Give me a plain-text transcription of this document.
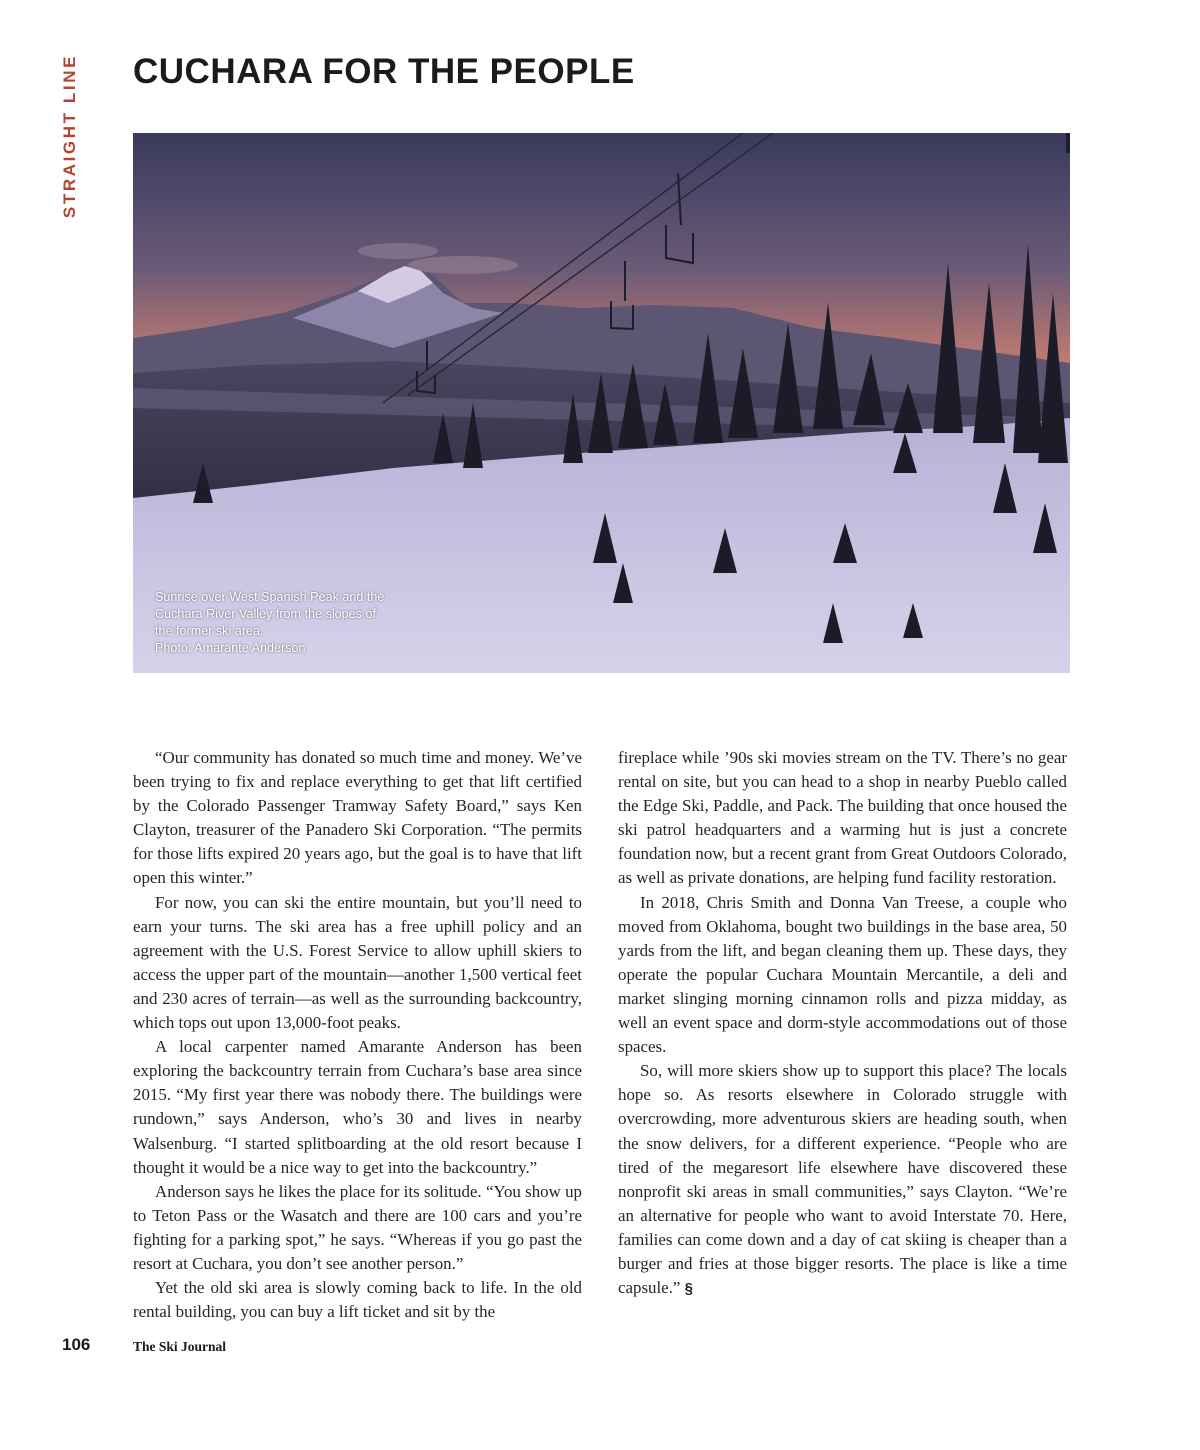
STRAIGHT LINE CUCHARA FOR THE PEOPLE
Sunrise over West Spanish Peak and the
Cuchara River Valley from the slopes of
the former ski area.
Photo: Amarante Anderson

“Our community has donated so much time and money. We’ve been trying to fix and replace everything to get that lift certified by the Colorado Passenger Tramway Safety Board,” says Ken Clayton, treasurer of the Panadero Ski Corporation. “The permits for those lifts expired 20 years ago, but the goal is to have that lift open this winter.”

For now, you can ski the entire mountain, but you’ll need to earn your turns. The ski area has a free uphill policy and an agreement with the U.S. Forest Service to allow uphill skiers to access the upper part of the mountain—another 1,500 vertical feet and 230 acres of terrain—as well as the surrounding backcountry, which tops out upon 13,000-foot peaks.

A local carpenter named Amarante Anderson has been exploring the backcountry terrain from Cuchara’s base area since 2015. “My first year there was nobody there. The buildings were rundown,” says Anderson, who’s 30 and lives in nearby Walsenburg. “I started splitboarding at the old resort because I thought it would be a nice way to get into the backcountry.”

Anderson says he likes the place for its solitude. “You show up to Teton Pass or the Wasatch and there are 100 cars and you’re fighting for a parking spot,” he says. “Whereas if you go past the resort at Cuchara, you don’t see another person.”

Yet the old ski area is slowly coming back to life. In the old rental building, you can buy a lift ticket and sit by the

fireplace while ’90s ski movies stream on the TV. There’s no gear rental on site, but you can head to a shop in nearby Pueblo called the Edge Ski, Paddle, and Pack. The building that once housed the ski patrol headquarters and a warming hut is just a concrete foundation now, but a recent grant from Great Outdoors Colorado, as well as private donations, are helping fund facility restoration.

In 2018, Chris Smith and Donna Van Treese, a couple who moved from Oklahoma, bought two buildings in the base area, 50 yards from the lift, and began cleaning them up. These days, they operate the popular Cuchara Mountain Mercantile, a deli and market slinging morning cinnamon rolls and pizza midday, as well an event space and dorm-style accommodations out of those spaces.

So, will more skiers show up to support this place? The locals hope so. As resorts elsewhere in Colorado struggle with overcrowding, more adventurous skiers are heading south, when the snow delivers, for a different experience. “People who are tired of the megaresort life elsewhere have discovered these nonprofit ski areas in small communities,” says Clayton. “We’re an alternative for people who want to avoid Interstate 70. Here, families can come down and a day of cat skiing is cheaper than a burger and fries at those bigger resorts. The place is like a time capsule.” §

106	The Ski Journal
